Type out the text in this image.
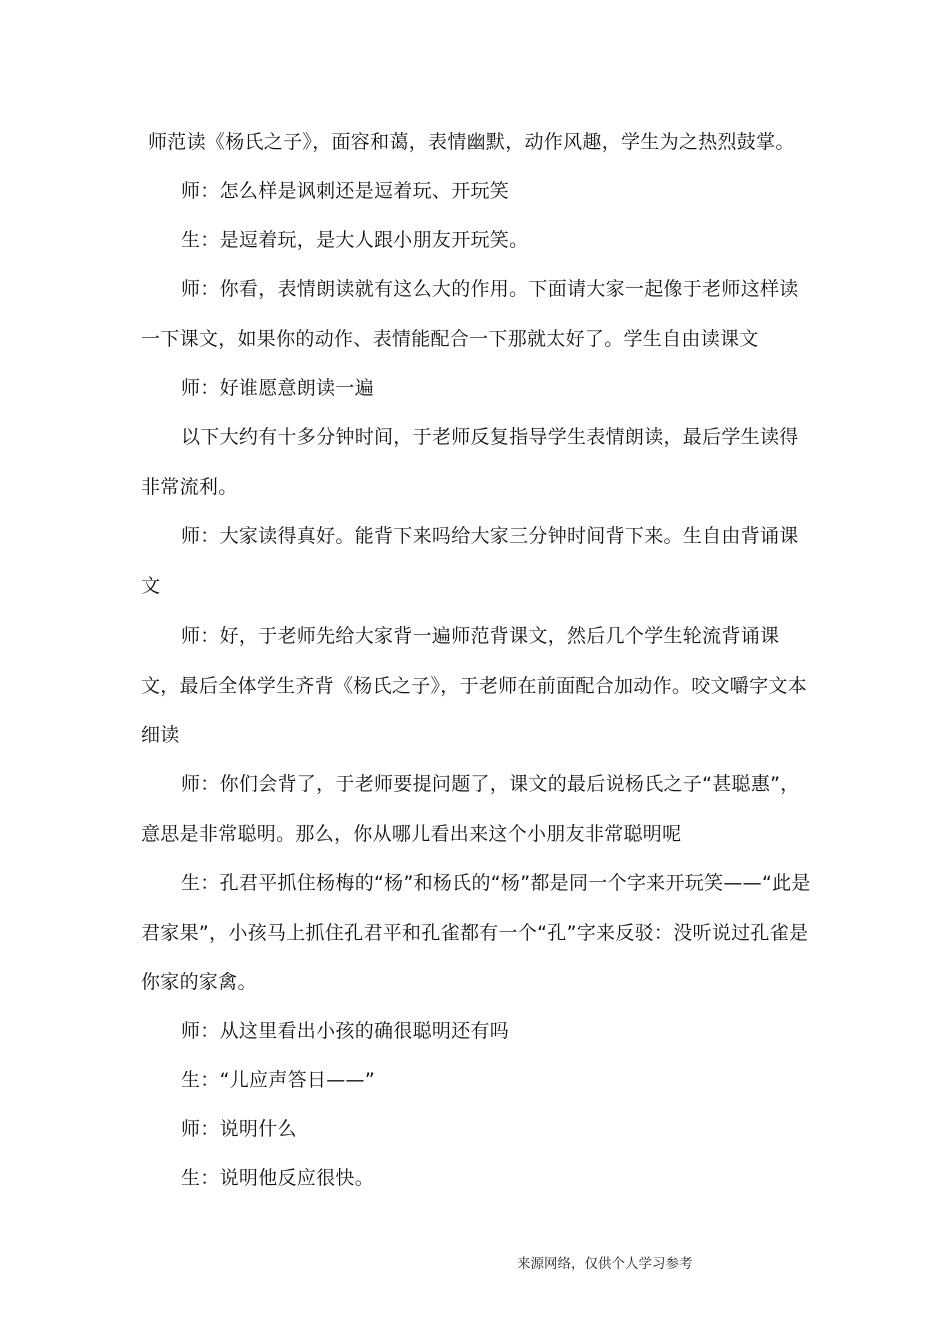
师范读《杨氏之子》，面容和蔼，表情幽默，动作风趣，学生为之热烈鼓掌。

师：怎么样是讽刺还是逗着玩、开玩笑

生：是逗着玩，是大人跟小朋友开玩笑。

师：你看，表情朗读就有这么大的作用。下面请大家一起像于老师这样读一下课文，如果你的动作、表情能配合一下那就太好了。学生自由读课文

师：好谁愿意朗读一遍

以下大约有十多分钟时间，于老师反复指导学生表情朗读，最后学生读得非常流利。

师：大家读得真好。能背下来吗给大家三分钟时间背下来。生自由背诵课文

师：好，于老师先给大家背一遍师范背课文，然后几个学生轮流背诵课文，最后全体学生齐背《杨氏之子》，于老师在前面配合加动作。咬文嚼字文本细读

师：你们会背了，于老师要提问题了，课文的最后说杨氏之子“甚聪惠”，意思是非常聪明。那么，你从哪儿看出来这个小朋友非常聪明呢

生：孔君平抓住杨梅的“杨”和杨氏的“杨”都是同一个字来开玩笑——“此是君家果”，小孩马上抓住孔君平和孔雀都有一个“孔”字来反驳：没听说过孔雀是你家的家禽。

师：从这里看出小孩的确很聪明还有吗

生：“儿应声答日——”

师：说明什么

生：说明他反应很快。

来源网络，仅供个人学习参考
